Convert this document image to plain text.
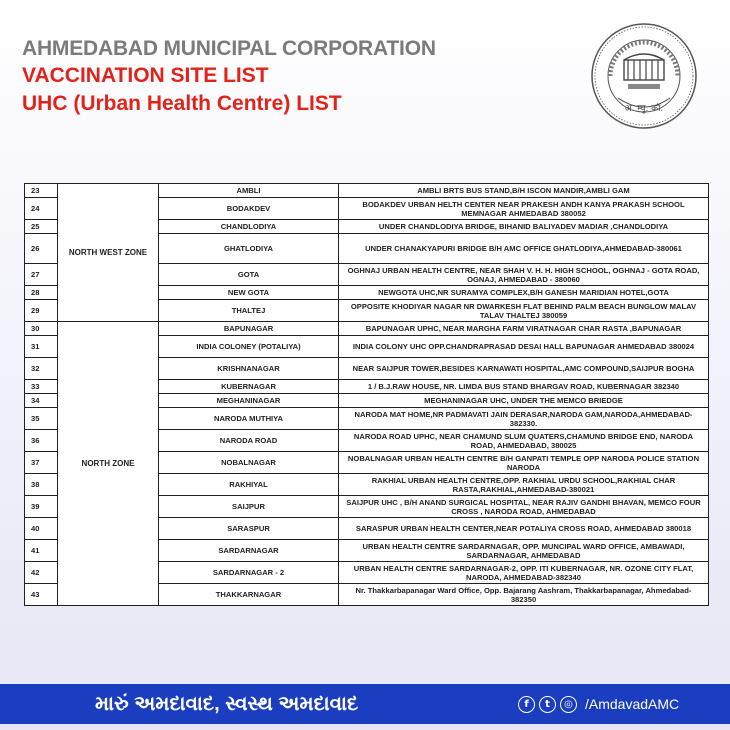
AHMEDABAD MUNICIPAL CORPORATION
VACCINATION SITE LIST
UHC (Urban Health Centre) LIST	अ. म्यु. कॉ.
23	NORTH WEST ZONE	AMBLI	AMBLI BRTS BUS STAND,B/H ISCON MANDIR,AMBLI GAM
24		BODAKDEV	BODAKDEV URBAN HELTH CENTER NEAR PRAKESH ANDH KANYA PRAKASH SCHOOL MEMNAGAR AHMEDABAD 380052
25		CHANDLODIYA	UNDER CHANDLODIYA BRIDGE, BIHANID BALIYADEV MADIAR ,CHANDLODIYA
26		GHATLODIYA	UNDER CHANAKYAPURI BRIDGE B/H AMC OFFICE GHATLODIYA,AHMEDABAD-380061
27		GOTA	OGHNAJ URBAN HEALTH CENTRE, NEAR SHAH V. H. H. HIGH SCHOOL, OGHNAJ - GOTA ROAD, OGNAJ, AHMEDABAD - 380060
28		NEW GOTA	NEWGOTA UHC,NR SURAMYA COMPLEX,B/H GANESH MARIDIAN HOTEL,GOTA
29		THALTEJ	OPPOSITE KHODIYAR NAGAR NR DWARKESH FLAT BEHIND PALM BEACH BUNGLOW MALAV TALAV THALTEJ 380059
30	NORTH ZONE	BAPUNAGAR	BAPUNAGAR UPHC, NEAR MARGHA FARM VIRATNAGAR CHAR RASTA ,BAPUNAGAR
31		INDIA COLONEY (POTALIYA)	INDIA COLONY UHC OPP.CHANDRAPRASAD DESAI HALL BAPUNAGAR AHMEDABAD 380024
32		KRISHNANAGAR	NEAR SAIJPUR TOWER,BESIDES KARNAWATI HOSPITAL,AMC COMPOUND,SAIJPUR BOGHA
33		KUBERNAGAR	1 / B.J.RAW HOUSE, NR. LIMDA BUS STAND BHARGAV ROAD, KUBERNAGAR 382340
34		MEGHANINAGAR	MEGHANINAGAR UHC, UNDER THE MEMCO BRIEDGE
35		NARODA MUTHIYA	NARODA MAT HOME,NR PADMAVATI JAIN DERASAR,NARODA GAM,NARODA,AHMEDABAD-382330.
36		NARODA ROAD	NARODA ROAD UPHC, NEAR CHAMUND SLUM QUATERS,CHAMUND BRIDGE END, NARODA ROAD, AHMEDABAD, 380025
37		NOBALNAGAR	NOBALNAGAR URBAN HEALTH CENTRE B/H GANPATI TEMPLE OPP NARODA POLICE STATION NARODA
38		RAKHIYAL	RAKHIAL URBAN HEALTH CENTRE,OPP. RAKHIAL URDU SCHOOL,RAKHIAL CHAR RASTA,RAKHIAL,AHMEDABAD-380021
39		SAIJPUR	SAIJPUR UHC , B/H ANAND SURGICAL HOSPITAL, NEAR RAJIV GANDHI BHAVAN, MEMCO FOUR CROSS , NARODA ROAD, AHMEDABAD
40		SARASPUR	SARASPUR URBAN HEALTH CENTER,NEAR POTALIYA CROSS ROAD, AHMEDABAD 380018
41		SARDARNAGAR	URBAN HEALTH CENTRE SARDARNAGAR, OPP. MUNCIPAL WARD OFFICE, AMBAWADI, SARDARNAGAR, AHMEDABAD
42		SARDARNAGAR - 2	URBAN HEALTH CENTRE SARDARNAGAR-2, OPP. ITI KUBERNAGAR, NR. OZONE CITY FLAT, NARODA, AHMEDABAD-382340
43		THAKKARNAGAR	Nr. Thakkarbapanagar Ward Office, Opp. Bajarang Aashram, Thakkarbapanagar, Ahmedabad-382350
મારું અમદાવાદ, સ્વસ્થ અમદાવાદ	f	t	◎ /AmdavadAMC
